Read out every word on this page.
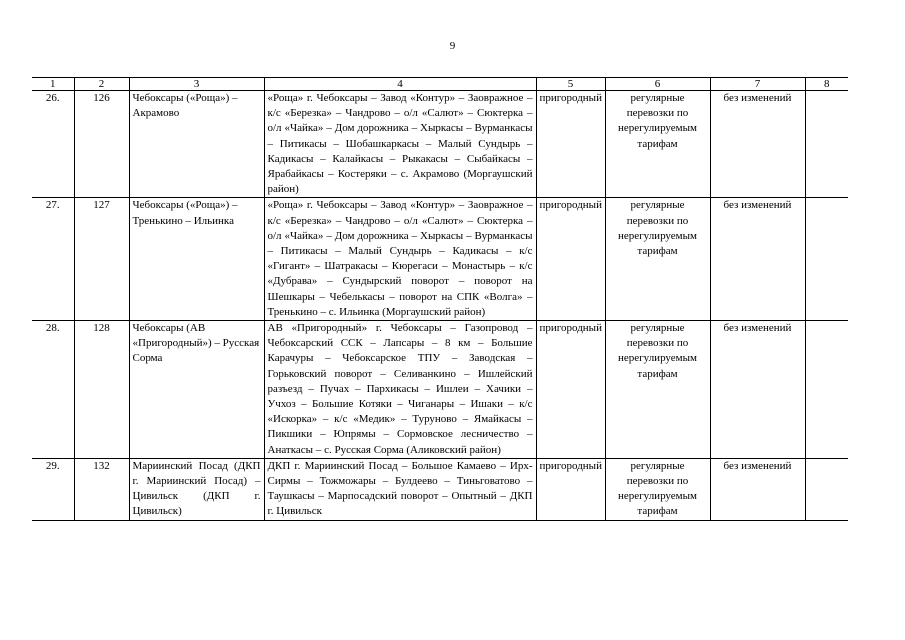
9
1	2	3	4	5	6	7	8
26.	126	Чебоксары («Роща») – Акрамово	«Роща» г. Чебоксары – Завод «Контур» – Заовражное – к/с «Березка» – Чандрово – о/л «Салют» – Сюктерка – о/л «Чайка» – Дом дорожника – Хыркасы – Вурманкасы – Питикасы – Шобашкаркасы – Малый Сундырь – Кадикасы – Калайкасы – Рыкакасы – Сыбайкасы – Ярабайкасы – Костеряки – с. Акрамово (Моргаушский район)	пригородный	регулярные перевозки по нерегулируемым тарифам	без изменений	
27.	127	Чебоксары («Роща») – Тренькино – Ильинка	«Роща» г. Чебоксары – Завод «Контур» – Заовражное – к/с «Березка» – Чандрово – о/л «Салют» – Сюктерка – о/л «Чайка» – Дом дорожника – Хыркасы – Вурманкасы – Питикасы – Малый Сундырь – Кадикасы – к/с «Гигант» – Шатракасы – Кюрегаси – Монастырь – к/с «Дубрава» – Сундырский поворот – поворот на Шешкары – Чебелькасы – поворот на СПК «Волга» – Тренькино – с. Ильинка (Моргаушский район)	пригородный	регулярные перевозки по нерегулируемым тарифам	без изменений	
28.	128	Чебоксары (АВ «Пригородный») – Русская Сорма	АВ «Пригородный» г. Чебоксары – Газопровод – Чебоксарский ССК – Лапсары – 8 км – Большие Карачуры – Чебоксарское ТПУ – Заводская – Горьковский поворот – Селиванкино – Ишлейский разъезд – Пучах – Пархикасы – Ишлеи – Хачики – Учхоз – Большие Котяки – Чиганары – Ишаки – к/с «Искорка» – к/с «Медик» – Туруново – Ямайкасы – Пикшики – Юпрямы – Сормовское лесничество – Анаткасы – с. Русская Сорма (Аликовский район)	пригородный	регулярные перевозки по нерегулируемым тарифам	без изменений	
29.	132	Мариинский Посад (ДКП г. Мариинский Посад) – Цивильск (ДКП г. Цивильск)	ДКП г. Мариинский Посад – Большое Камаево – Ирх-Сирмы – Тожможары – Булдеево – Тиньговатово – Таушкасы – Марпосадский поворот – Опытный – ДКП г. Цивильск	пригородный	регулярные перевозки по нерегулируемым тарифам	без изменений	
